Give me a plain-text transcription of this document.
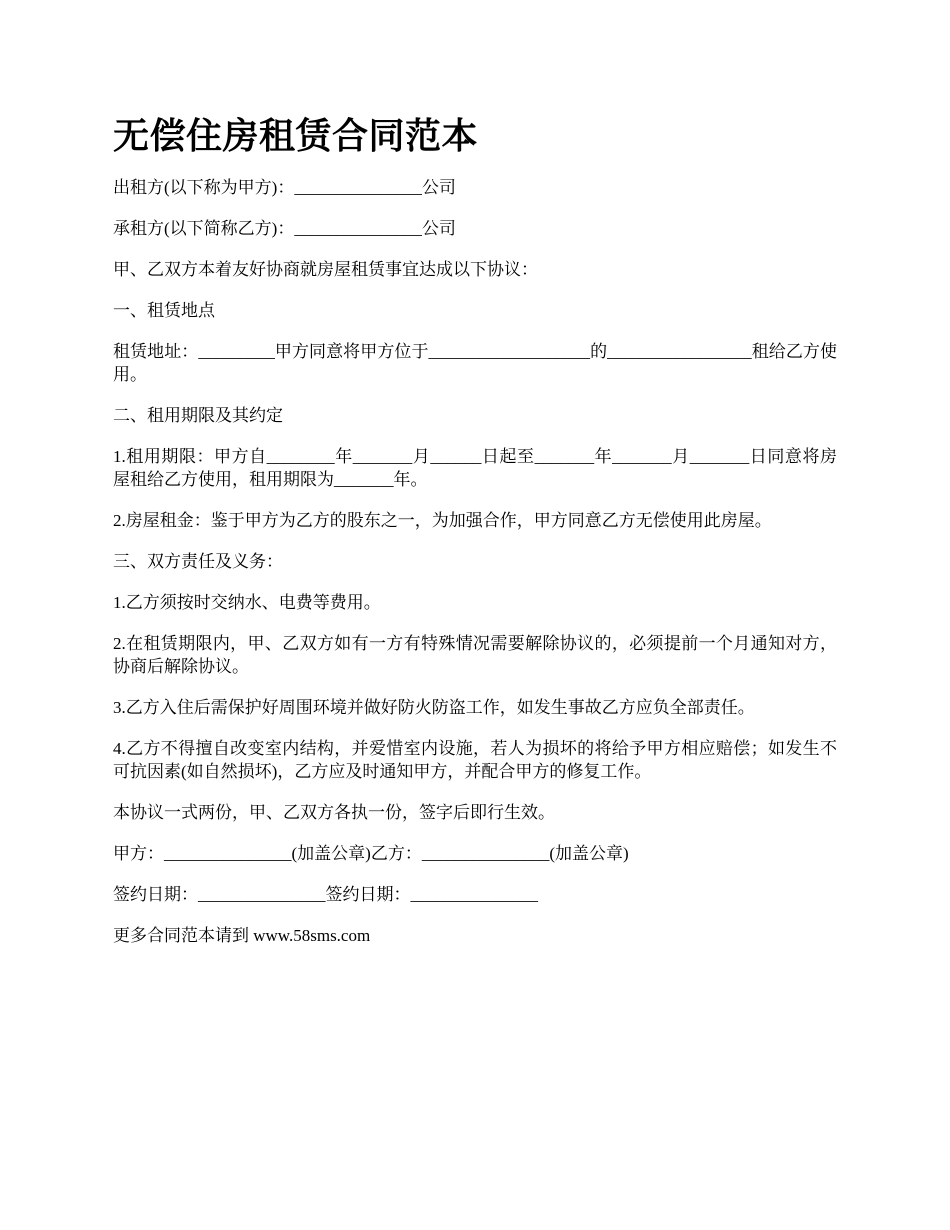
无偿住房租赁合同范本

出租方(以下称为甲方)：_______________公司

承租方(以下简称乙方)：_______________公司

甲、乙双方本着友好协商就房屋租赁事宜达成以下协议：

一、租赁地点

租赁地址：_________甲方同意将甲方位于___________________的_________________租给乙方使用。

二、租用期限及其约定

1.租用期限：甲方自________年_______月______日起至_______年_______月_______日同意将房屋租给乙方使用，租用期限为_______年。

2.房屋租金：鉴于甲方为乙方的股东之一，为加强合作，甲方同意乙方无偿使用此房屋。

三、双方责任及义务：

1.乙方须按时交纳水、电费等费用。

2.在租赁期限内，甲、乙双方如有一方有特殊情况需要解除协议的，必须提前一个月通知对方，协商后解除协议。

3.乙方入住后需保护好周围环境并做好防火防盗工作，如发生事故乙方应负全部责任。

4.乙方不得擅自改变室内结构，并爱惜室内设施，若人为损坏的将给予甲方相应赔偿；如发生不可抗因素(如自然损坏)，乙方应及时通知甲方，并配合甲方的修复工作。

本协议一式两份，甲、乙双方各执一份，签字后即行生效。

甲方：_______________(加盖公章)乙方：_______________(加盖公章)

签约日期：_______________签约日期：_______________

更多合同范本请到 www.58sms.com
